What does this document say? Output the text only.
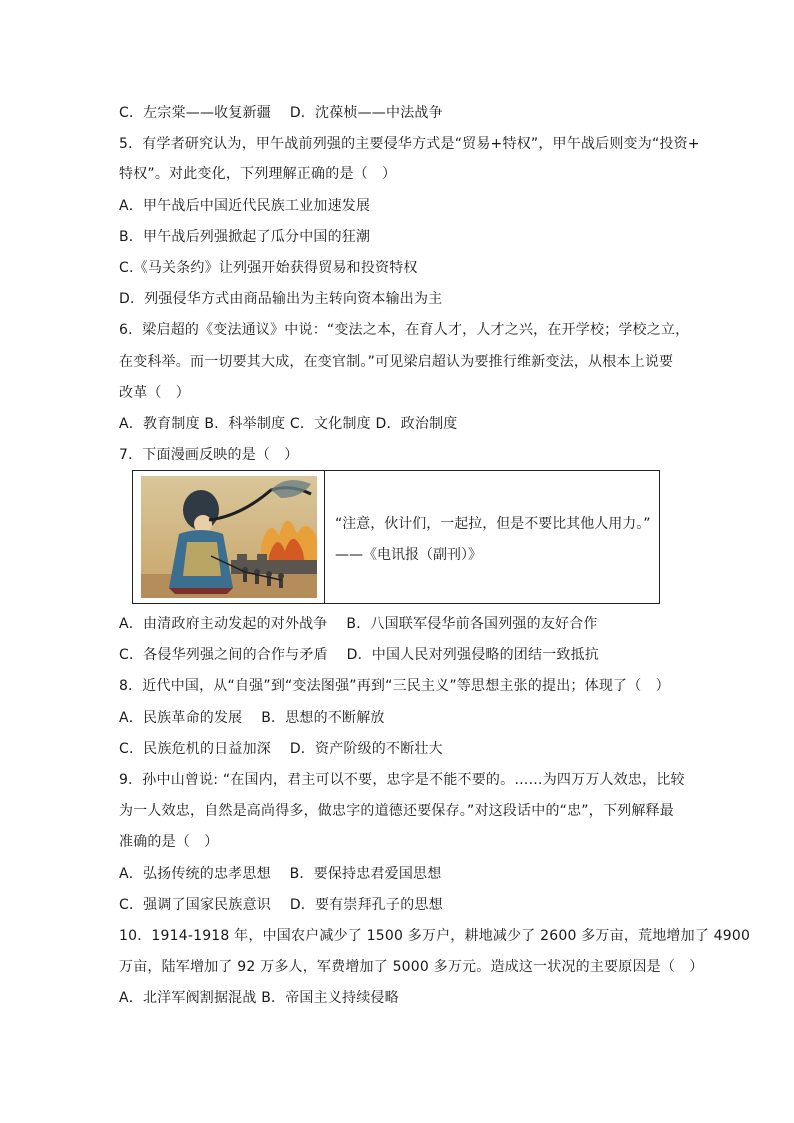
C．左宗棠——收复新疆　 D．沈葆桢——中法战争
5．有学者研究认为，甲午战前列强的主要侵华方式是“贸易+特权”，甲午战后则变为“投资+
特权”。对此变化，下列理解正确的是（　）
A．甲午战后中国近代民族工业加速发展
B．甲午战后列强掀起了瓜分中国的狂潮
C.《马关条约》让列强开始获得贸易和投资特权
D．列强侵华方式由商品输出为主转向资本输出为主
6．梁启超的《变法通议》中说：“变法之本，在育人才，人才之兴，在开学校；学校之立，
在变科举。而一切要其大成，在变官制。”可见梁启超认为要推行维新变法，从根本上说要
改革（　）
A．教育制度 B．科举制度 C．文化制度 D．政治制度
7．下面漫画反映的是（　）
“注意，伙计们，一起拉，但是不要比其他人用力。”
——《电讯报（副刊）》
A．由清政府主动发起的对外战争　 B．八国联军侵华前各国列强的友好合作
C．各侵华列强之间的合作与矛盾　 D．中国人民对列强侵略的团结一致抵抗
8．近代中国，从“自强”到“变法图强”再到“三民主义”等思想主张的提出；体现了（　）
A．民族革命的发展　 B．思想的不断解放
C．民族危机的日益加深　 D．资产阶级的不断壮大
9．孙中山曾说: “在国内，君主可以不要，忠字是不能不要的。……为四万万人效忠，比较
为一人效忠，自然是高尚得多，做忠字的道德还要保存。”对这段话中的“忠”，下列解释最
准确的是（　）
A．弘扬传统的忠孝思想　 B．要保持忠君爱国思想
C．强调了国家民族意识　 D．要有崇拜孔子的思想
10．1914-1918 年，中国农户减少了 1500 多万户，耕地减少了 2600 多万亩，荒地增加了 4900
万亩，陆军增加了 92 万多人，军费增加了 5000 多万元。造成这一状况的主要原因是（　）
A．北洋军阀割据混战 B．帝国主义持续侵略
